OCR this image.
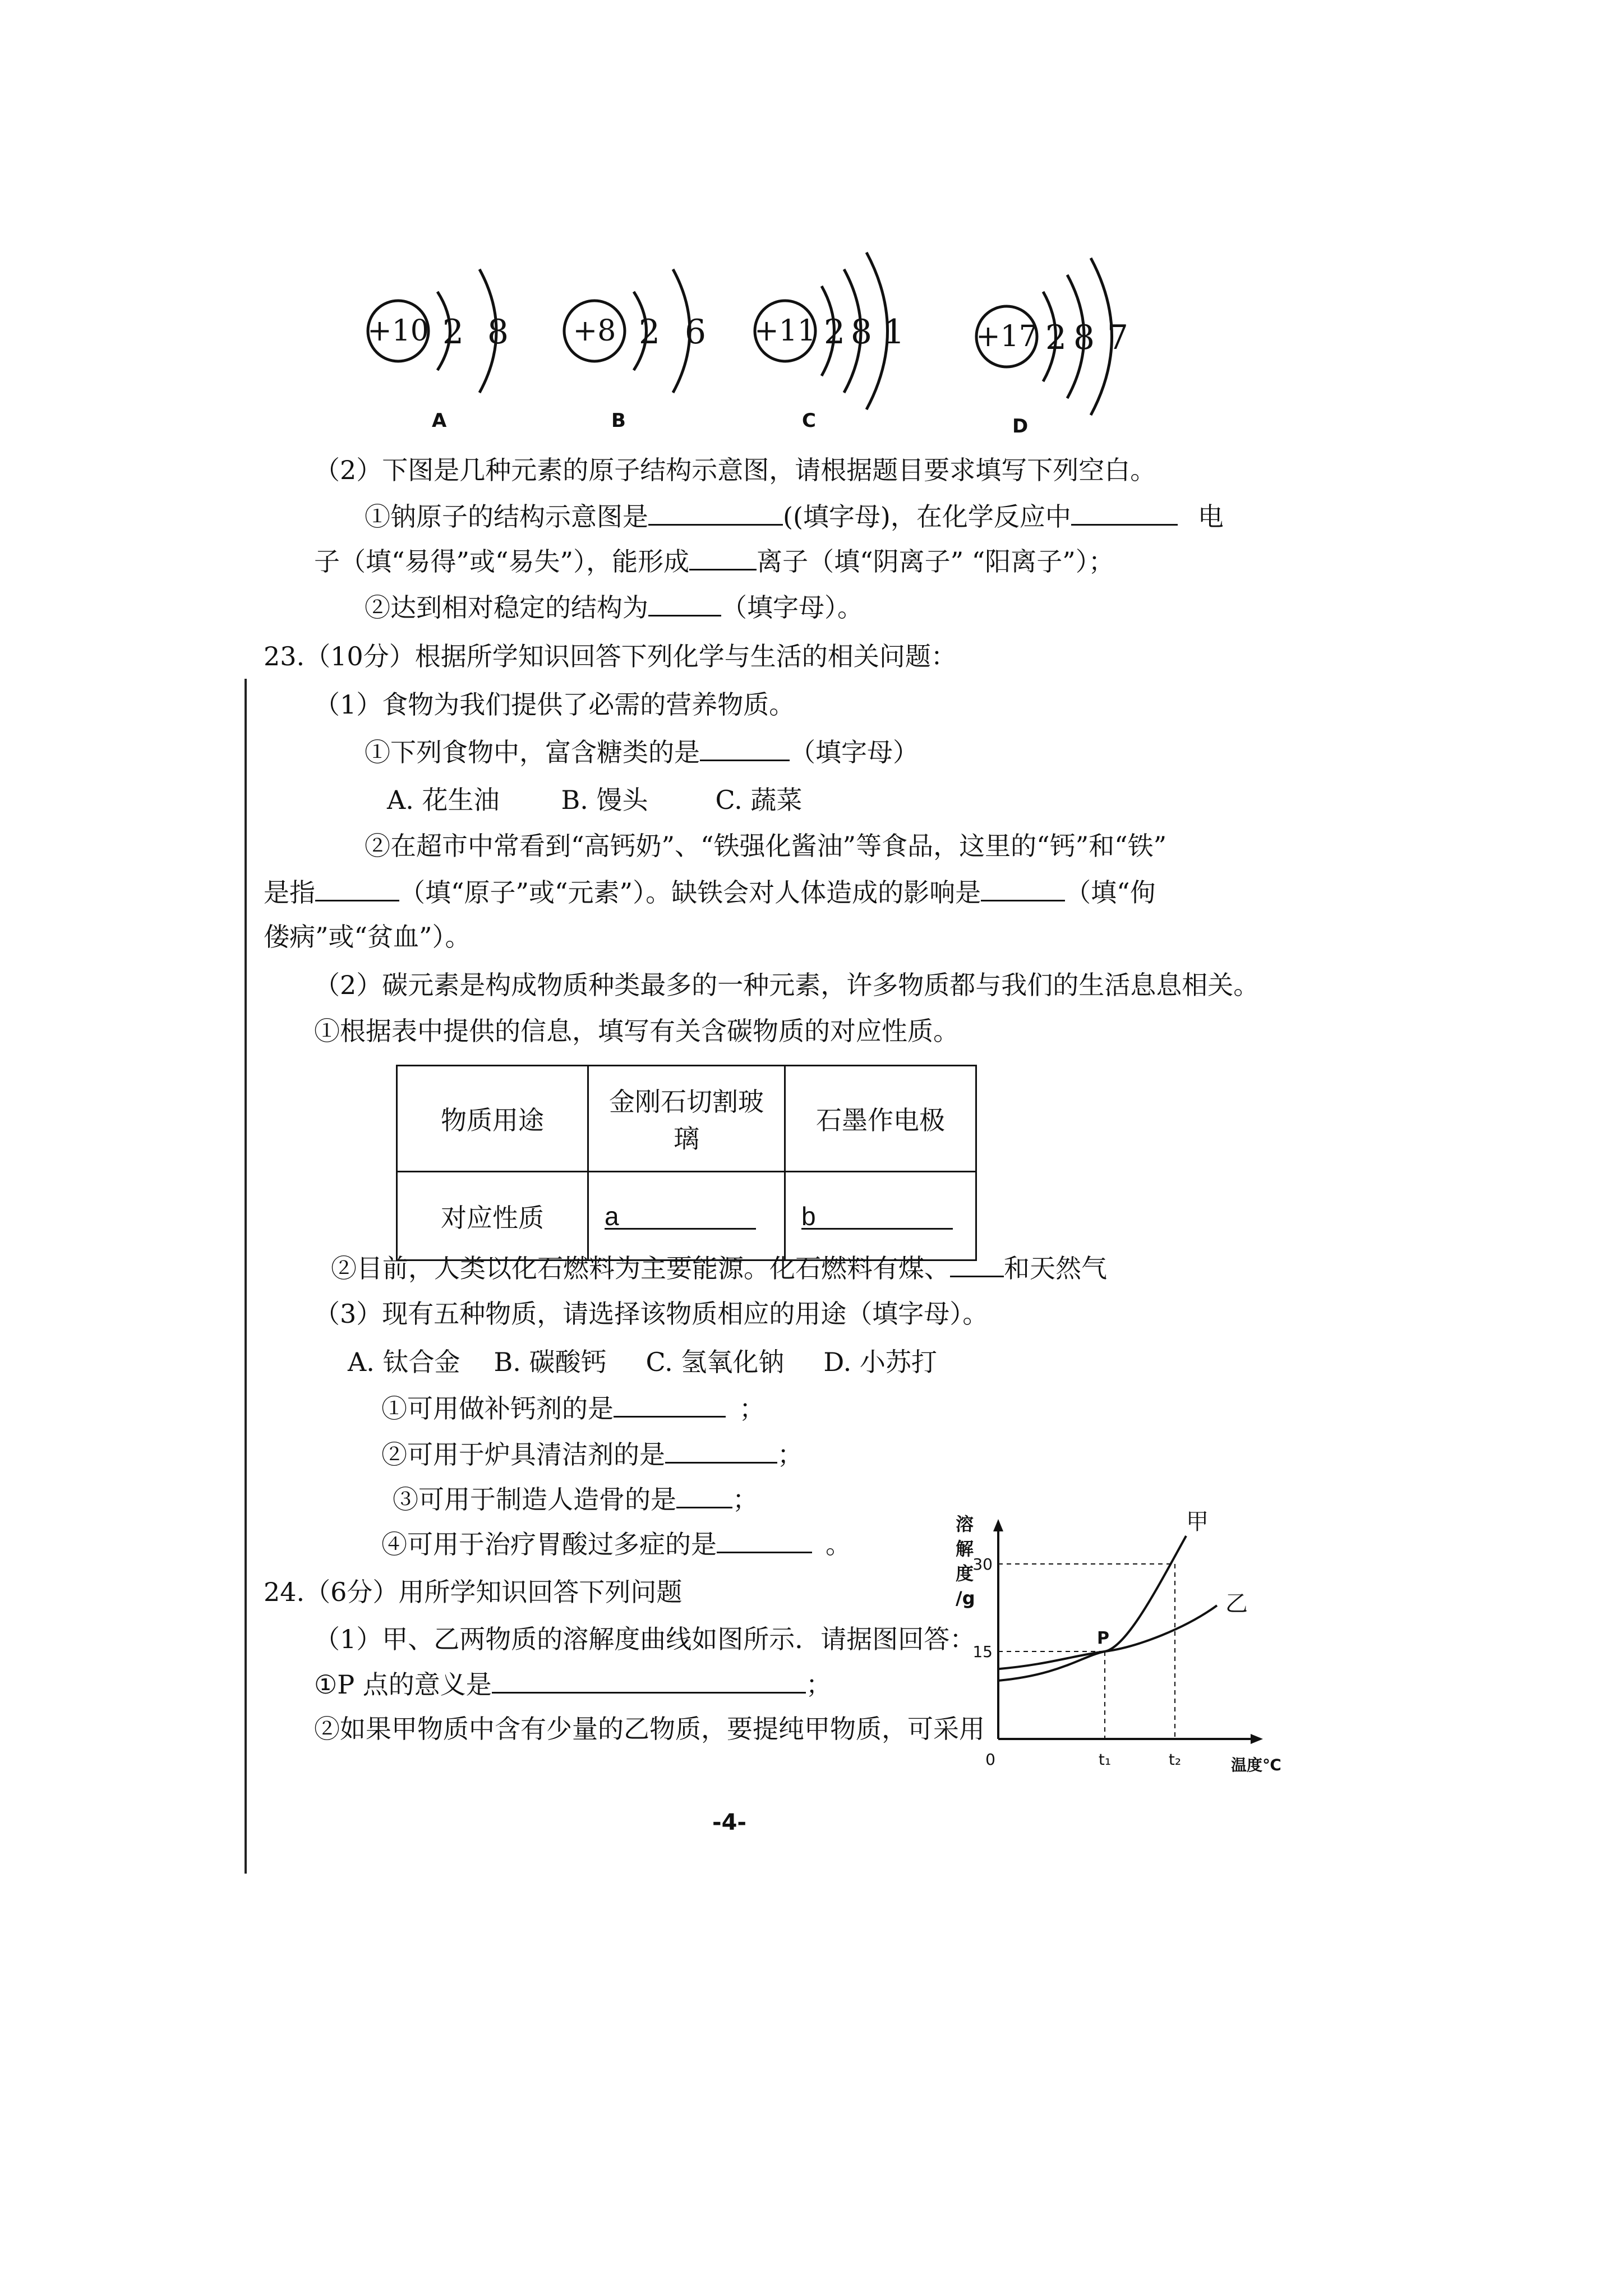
+10 2 8
A
+8 2 6
B
+11 2 8 1
C
+17 2 8 7
D
（2）下图是几种元素的原子结构示意图，请根据题目要求填写下列空白。
①钠原子的结构示意图是	((填字母)，在化学反应中	电
子（填“易得”或“易失”），能形成	离子（填“阴离子” “阳离子”）；
②达到相对稳定的结构为	（填字母）。
23.（10分）根据所学知识回答下列化学与生活的相关问题：
（1）食物为我们提供了必需的营养物质。
①下列食物中，富含糖类的是	（填字母）
A. 花生油 B. 馒头	C. 蔬菜
②在超市中常看到“高钙奶”、“铁强化酱油”等食品，这里的“钙”和“铁”
是指	（填“原子”或“元素”）。缺铁会对人体造成的影响是	（填“佝
偻病”或“贫血”）。
（2）碳元素是构成物质种类最多的一种元素，许多物质都与我们的生活息息相关。
①根据表中提供的信息，填写有关含碳物质的对应性质。
物质用途	金刚石切割玻
璃	石墨作电极
对应性质	a	b
②目前，人类以化石燃料为主要能源。化石燃料有煤、 和天然气
（3）现有五种物质，请选择该物质相应的用途（填字母）。
A. 钛合金 B. 碳酸钙 C. 氢氧化钠 D. 小苏打
①可用做补钙剂的是	；
②可用于炉具清洁剂的是	；
③可用于制造人造骨的是 ；
④可用于治疗胃酸过多症的是	。
24.（6分）用所学知识回答下列问题
（1）甲、乙两物质的溶解度曲线如图所示．请据图回答：
①P 点的意义是	；
②如果甲物质中含有少量的乙物质，要提纯甲物质，可采用
溶
解
度
/g
15
30
0	t₁	t₂	温度℃
甲
乙
P
-4-
